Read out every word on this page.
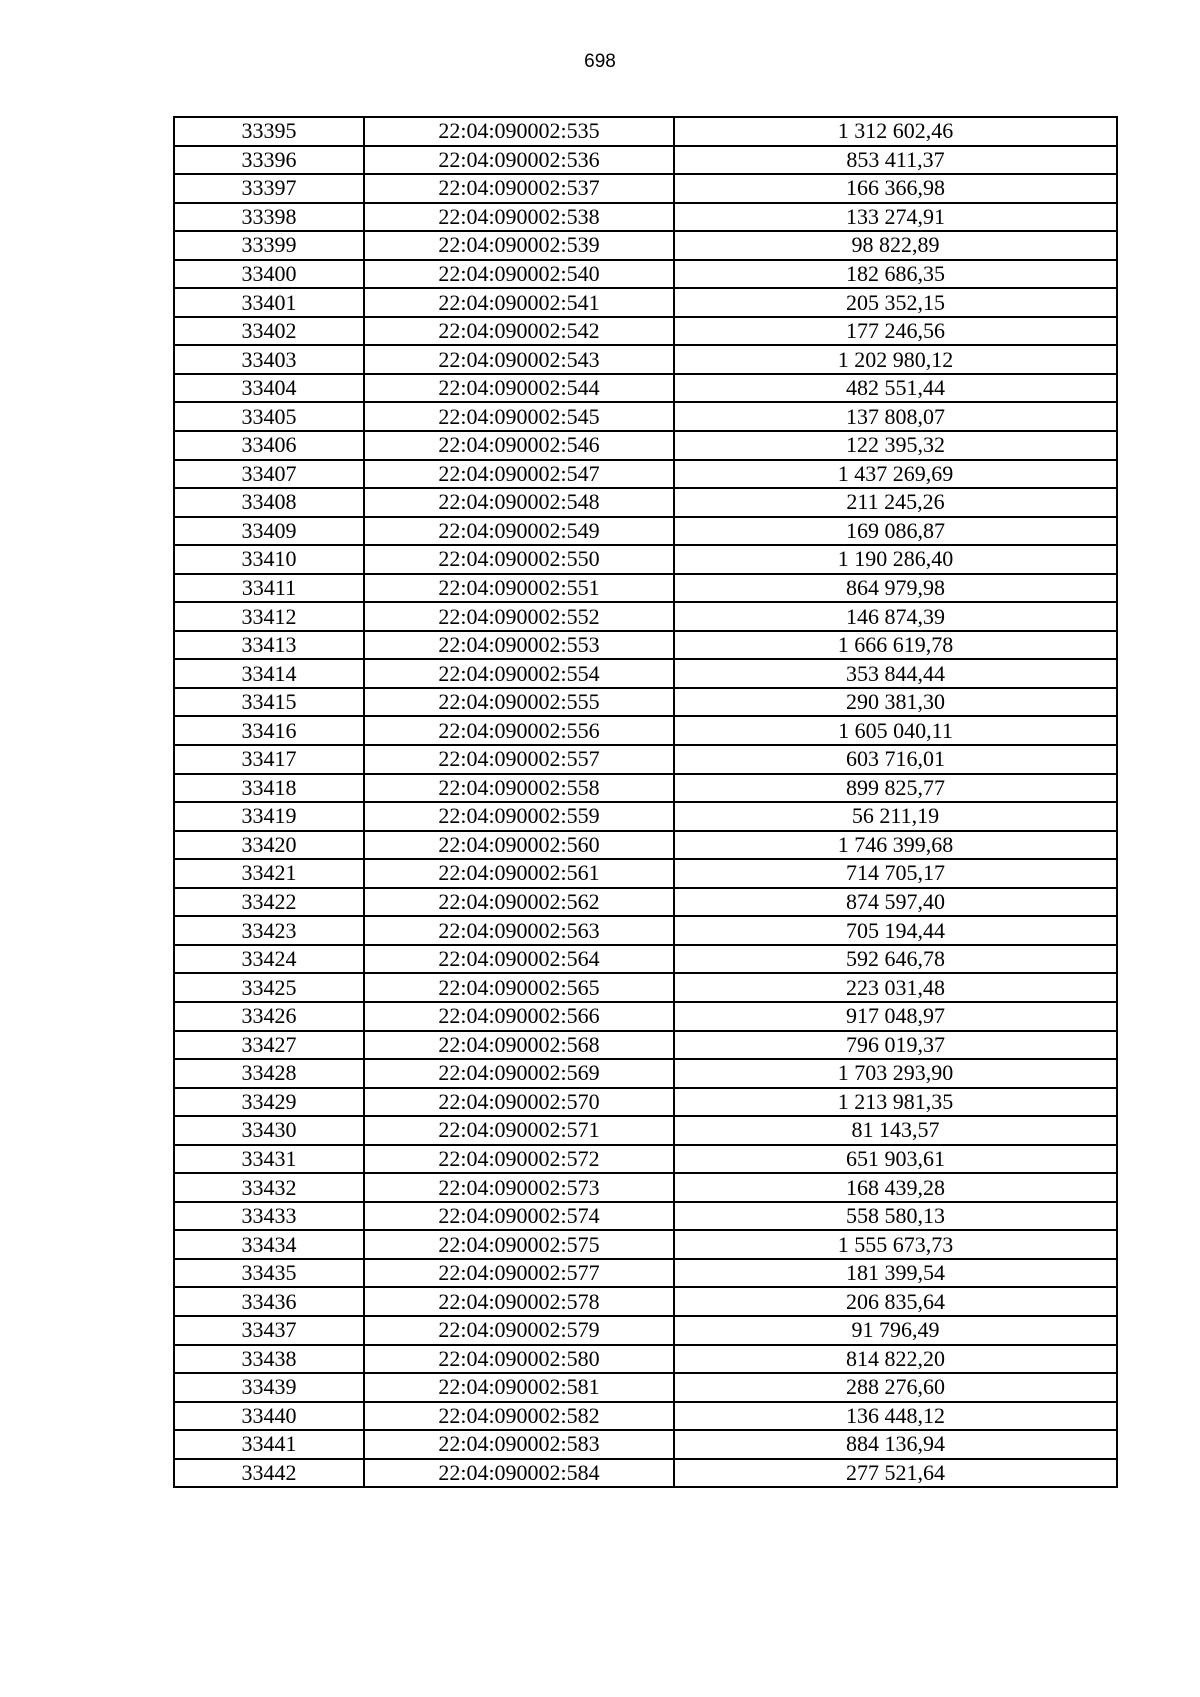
698
33395	22:04:090002:535	1 312 602,46
33396	22:04:090002:536	853 411,37
33397	22:04:090002:537	166 366,98
33398	22:04:090002:538	133 274,91
33399	22:04:090002:539	98 822,89
33400	22:04:090002:540	182 686,35
33401	22:04:090002:541	205 352,15
33402	22:04:090002:542	177 246,56
33403	22:04:090002:543	1 202 980,12
33404	22:04:090002:544	482 551,44
33405	22:04:090002:545	137 808,07
33406	22:04:090002:546	122 395,32
33407	22:04:090002:547	1 437 269,69
33408	22:04:090002:548	211 245,26
33409	22:04:090002:549	169 086,87
33410	22:04:090002:550	1 190 286,40
33411	22:04:090002:551	864 979,98
33412	22:04:090002:552	146 874,39
33413	22:04:090002:553	1 666 619,78
33414	22:04:090002:554	353 844,44
33415	22:04:090002:555	290 381,30
33416	22:04:090002:556	1 605 040,11
33417	22:04:090002:557	603 716,01
33418	22:04:090002:558	899 825,77
33419	22:04:090002:559	56 211,19
33420	22:04:090002:560	1 746 399,68
33421	22:04:090002:561	714 705,17
33422	22:04:090002:562	874 597,40
33423	22:04:090002:563	705 194,44
33424	22:04:090002:564	592 646,78
33425	22:04:090002:565	223 031,48
33426	22:04:090002:566	917 048,97
33427	22:04:090002:568	796 019,37
33428	22:04:090002:569	1 703 293,90
33429	22:04:090002:570	1 213 981,35
33430	22:04:090002:571	81 143,57
33431	22:04:090002:572	651 903,61
33432	22:04:090002:573	168 439,28
33433	22:04:090002:574	558 580,13
33434	22:04:090002:575	1 555 673,73
33435	22:04:090002:577	181 399,54
33436	22:04:090002:578	206 835,64
33437	22:04:090002:579	91 796,49
33438	22:04:090002:580	814 822,20
33439	22:04:090002:581	288 276,60
33440	22:04:090002:582	136 448,12
33441	22:04:090002:583	884 136,94
33442	22:04:090002:584	277 521,64
